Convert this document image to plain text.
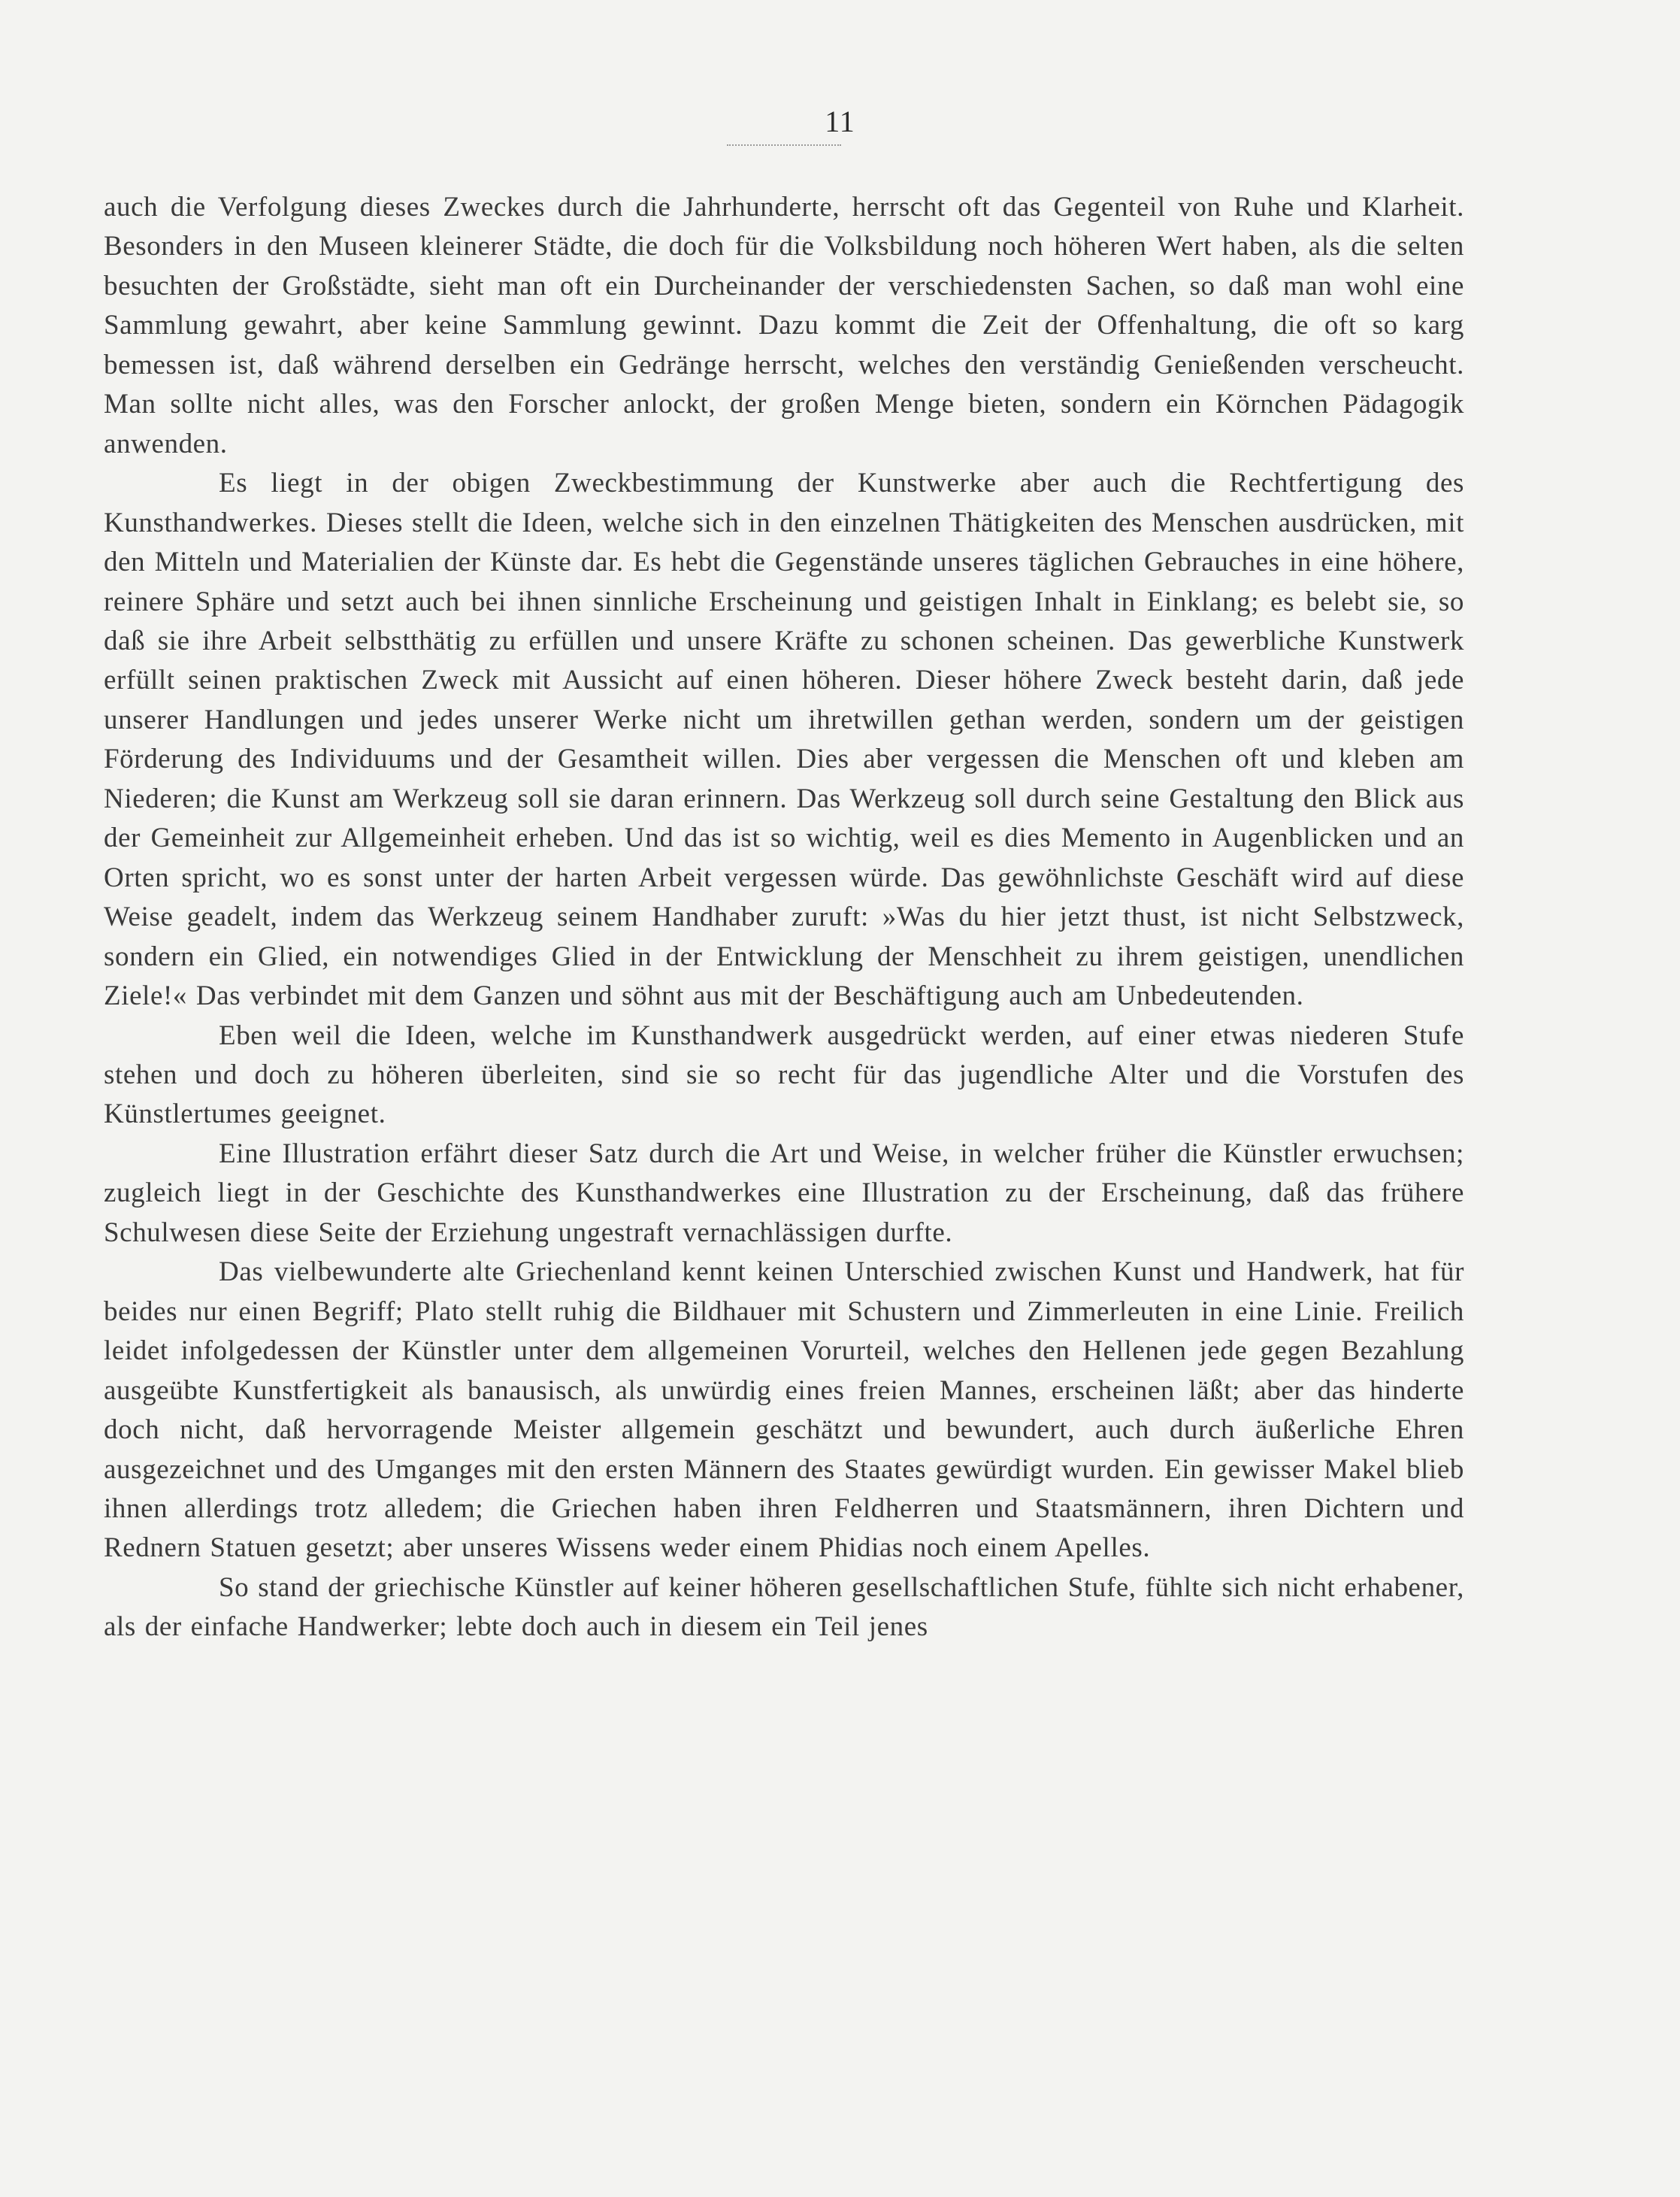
11

auch die Verfolgung dieses Zweckes durch die Jahrhunderte, herrscht oft das Gegenteil von Ruhe und Klarheit. Besonders in den Museen kleinerer Städte, die doch für die Volksbildung noch höheren Wert haben, als die selten besuchten der Großstädte, sieht man oft ein Durcheinander der verschiedensten Sachen, so daß man wohl eine Sammlung gewahrt, aber keine Sammlung gewinnt. Dazu kommt die Zeit der Offenhaltung, die oft so karg bemessen ist, daß während derselben ein Gedränge herrscht, welches den verständig Genießenden verscheucht. Man sollte nicht alles, was den Forscher anlockt, der großen Menge bieten, sondern ein Körnchen Pädagogik anwenden.

Es liegt in der obigen Zweckbestimmung der Kunstwerke aber auch die Rechtfertigung des Kunsthandwerkes. Dieses stellt die Ideen, welche sich in den einzelnen Thätigkeiten des Menschen ausdrücken, mit den Mitteln und Materialien der Künste dar. Es hebt die Gegenstände unseres täglichen Gebrauches in eine höhere, reinere Sphäre und setzt auch bei ihnen sinnliche Erscheinung und geistigen Inhalt in Einklang; es belebt sie, so daß sie ihre Arbeit selbstthätig zu erfüllen und unsere Kräfte zu schonen scheinen. Das gewerbliche Kunstwerk erfüllt seinen praktischen Zweck mit Aussicht auf einen höheren. Dieser höhere Zweck besteht darin, daß jede unserer Handlungen und jedes unserer Werke nicht um ihretwillen gethan werden, sondern um der geistigen Förderung des Individuums und der Gesamtheit willen. Dies aber vergessen die Menschen oft und kleben am Niederen; die Kunst am Werkzeug soll sie daran erinnern. Das Werkzeug soll durch seine Gestaltung den Blick aus der Gemeinheit zur Allgemeinheit erheben. Und das ist so wichtig, weil es dies Memento in Augenblicken und an Orten spricht, wo es sonst unter der harten Arbeit vergessen würde. Das gewöhnlichste Geschäft wird auf diese Weise geadelt, indem das Werkzeug seinem Handhaber zuruft: »Was du hier jetzt thust, ist nicht Selbstzweck, sondern ein Glied, ein notwendiges Glied in der Entwicklung der Menschheit zu ihrem geistigen, unendlichen Ziele!« Das verbindet mit dem Ganzen und söhnt aus mit der Beschäftigung auch am Unbedeutenden.

Eben weil die Ideen, welche im Kunsthandwerk ausgedrückt werden, auf einer etwas niederen Stufe stehen und doch zu höheren überleiten, sind sie so recht für das jugendliche Alter und die Vorstufen des Künstlertumes geeignet.

Eine Illustration erfährt dieser Satz durch die Art und Weise, in welcher früher die Künstler erwuchsen; zugleich liegt in der Geschichte des Kunsthandwerkes eine Illustration zu der Erscheinung, daß das frühere Schulwesen diese Seite der Erziehung ungestraft vernachlässigen durfte.

Das vielbewunderte alte Griechenland kennt keinen Unterschied zwischen Kunst und Handwerk, hat für beides nur einen Begriff; Plato stellt ruhig die Bildhauer mit Schustern und Zimmerleuten in eine Linie. Freilich leidet infolgedessen der Künstler unter dem allgemeinen Vorurteil, welches den Hellenen jede gegen Bezahlung ausgeübte Kunstfertigkeit als banausisch, als unwürdig eines freien Mannes, erscheinen läßt; aber das hinderte doch nicht, daß hervorragende Meister allgemein geschätzt und bewundert, auch durch äußerliche Ehren ausgezeichnet und des Umganges mit den ersten Männern des Staates gewürdigt wurden. Ein gewisser Makel blieb ihnen allerdings trotz alledem; die Griechen haben ihren Feldherren und Staatsmännern, ihren Dichtern und Rednern Statuen gesetzt; aber unseres Wissens weder einem Phidias noch einem Apelles.

So stand der griechische Künstler auf keiner höheren gesellschaftlichen Stufe, fühlte sich nicht erhabener, als der einfache Handwerker; lebte doch auch in diesem ein Teil jenes
